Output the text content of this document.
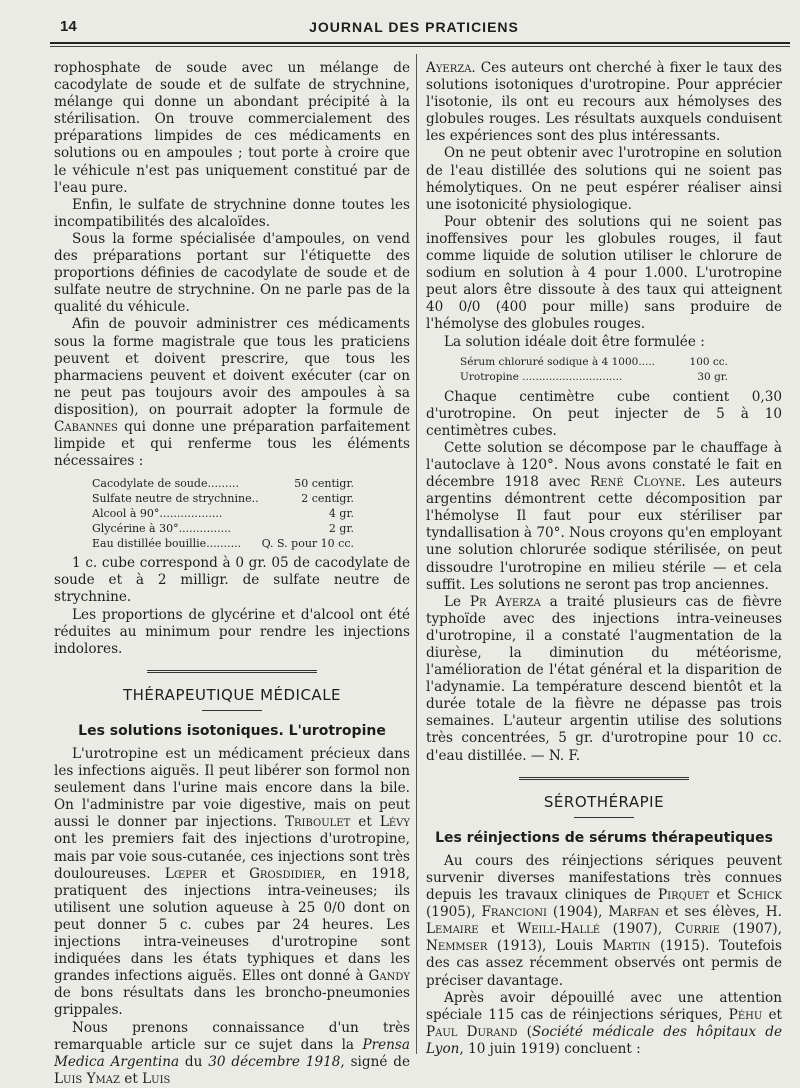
14	JOURNAL DES PRATICIENS

rophosphate de soude avec un mélange de cacodylate de soude et de sulfate de strychnine, mélange qui donne un abondant précipité à la stérilisation. On trouve commercialement des préparations limpides de ces médicaments en solutions ou en ampoules ; tout porte à croire que le véhicule n'est pas uniquement constitué par de l'eau pure.

Enfin, le sulfate de strychnine donne toutes les incompatibilités des alcaloïdes.

Sous la forme spécialisée d'ampoules, on vend des préparations portant sur l'étiquette des proportions définies de cacodylate de soude et de sulfate neutre de strychnine. On ne parle pas de la qualité du véhicule.

Afin de pouvoir administrer ces médicaments sous la forme magistrale que tous les praticiens peuvent et doivent prescrire, que tous les pharmaciens peuvent et doivent exécuter (car on ne peut pas toujours avoir des ampoules à sa disposition), on pourrait adopter la formule de Cabannes qui donne une préparation parfaitement limpide et qui renferme tous les éléments nécessaires :

Cacodylate de soude.........	50 centigr.
Sulfate neutre de strychnine..	2 centigr.
Alcool à 90°..................	4 gr.
Glycérine à 30°...............	2 gr.
Eau distillée bouillie.......... Q. S. pour 10 cc.

1 c. cube correspond à 0 gr. 05 de cacodylate de soude et à 2 milligr. de sulfate neutre de strychnine.

Les proportions de glycérine et d'alcool ont été réduites au minimum pour rendre les injections indolores.

THÉRAPEUTIQUE MÉDICALE
Les solutions isotoniques. L'urotropine

L'urotropine est un médicament précieux dans les infections aiguës. Il peut libérer son formol non seulement dans l'urine mais encore dans la bile. On l'administre par voie digestive, mais on peut aussi le donner par injections. Triboulet et Lévy ont les premiers fait des injections d'urotropine, mais par voie sous-cutanée, ces injections sont très douloureuses. Lœper et Grosdidier, en 1918, pratiquent des injections intra-veineuses; ils utilisent une solution aqueuse à 25 0/0 dont on peut donner 5 c. cubes par 24 heures. Les injections intra-veineuses d'urotropine sont indiquées dans les états typhiques et dans les grandes infections aiguës. Elles ont donné à Gandy de bons résultats dans les broncho-pneumonies grippales.

Nous prenons connaissance d'un très remarquable article sur ce sujet dans la Prensa Medica Argentina du 30 décembre 1918, signé de Luis Ymaz et Luis

Ayerza. Ces auteurs ont cherché à fixer le taux des solutions isotoniques d'urotropine. Pour apprécier l'isotonie, ils ont eu recours aux hémolyses des globules rouges. Les résultats auxquels conduisent les expériences sont des plus intéressants.

On ne peut obtenir avec l'urotropine en solution de l'eau distillée des solutions qui ne soient pas hémolytiques. On ne peut espérer réaliser ainsi une isotonicité physiologique.

Pour obtenir des solutions qui ne soient pas inoffensives pour les globules rouges, il faut comme liquide de solution utiliser le chlorure de sodium en solution à 4 pour 1.000. L'urotropine peut alors être dissoute à des taux qui atteignent 40 0/0 (400 pour mille) sans produire de l'hémolyse des globules rouges.

La solution idéale doit être formulée :

Sérum chloruré sodique à 4 1000.....	100 cc.
Urotropine ..............................	30 gr.

Chaque centimètre cube contient 0,30 d'urotropine. On peut injecter de 5 à 10 centimètres cubes.

Cette solution se décompose par le chauffage à l'autoclave à 120°. Nous avons constaté le fait en décembre 1918 avec René Cloyne. Les auteurs argentins démontrent cette décomposition par l'hémolyse Il faut pour eux stériliser par tyndallisation à 70°. Nous croyons qu'en employant une solution chlorurée sodique stérilisée, on peut dissoudre l'urotropine en milieu stérile — et cela suffit. Les solutions ne seront pas trop anciennes.

Le Pr Ayerza a traité plusieurs cas de fièvre typhoïde avec des injections intra-veineuses d'urotropine, il a constaté l'augmentation de la diurèse, la diminution du météorisme, l'amélioration de l'état général et la disparition de l'adynamie. La température descend bientôt et la durée totale de la fièvre ne dépasse pas trois semaines. L'auteur argentin utilise des solutions très concentrées, 5 gr. d'urotropine pour 10 cc. d'eau distillée. — N. F.

SÉROTHÉRAPIE
Les réinjections de sérums thérapeutiques

Au cours des réinjections sériques peuvent survenir diverses manifestations très connues depuis les travaux cliniques de Pirquet et Schick (1905), Francioni (1904), Marfan et ses élèves, H. Lemaire et Weill-Hallé (1907), Currie (1907), Nemmser (1913), Louis Martin (1915). Toutefois des cas assez récemment observés ont permis de préciser davantage.

Après avoir dépouillé avec une attention spéciale 115 cas de réinjections sériques, Péhu et Paul Durand (Société médicale des hôpitaux de Lyon, 10 juin 1919) concluent :
